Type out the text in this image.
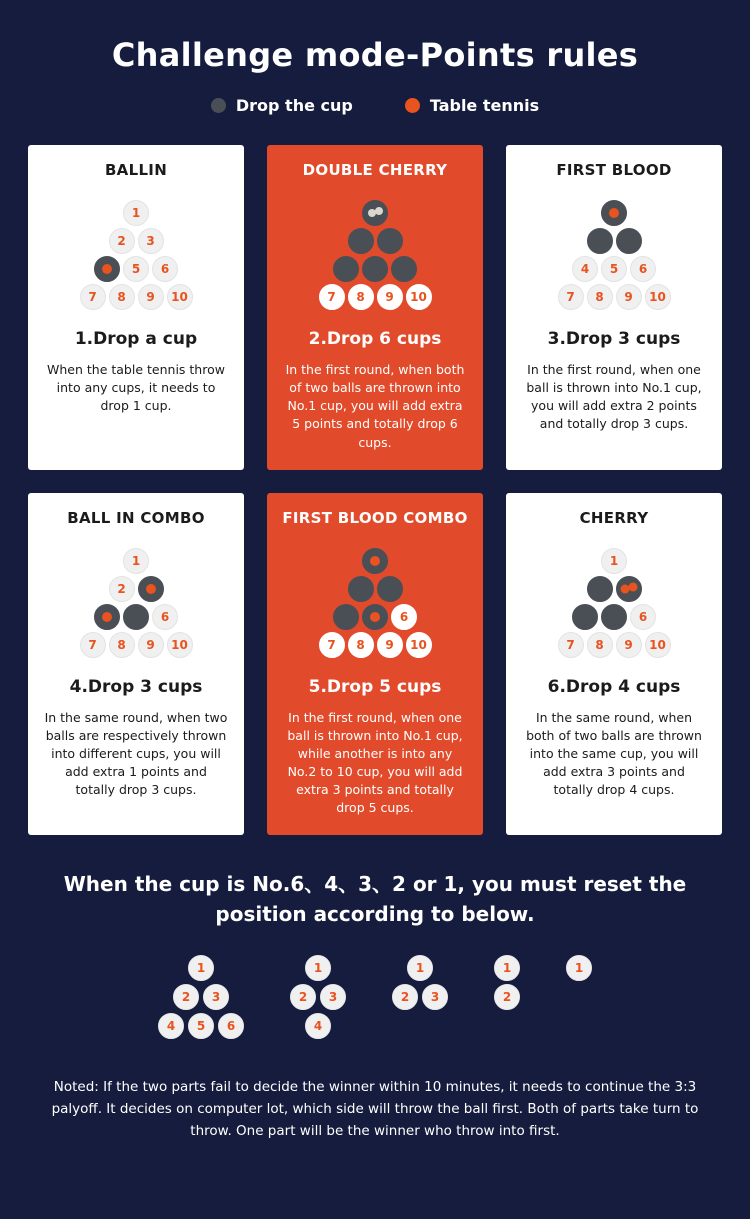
Challenge mode-Points rules
Drop the cup	Table tennis
BALLIN
1
2	3
5	6
7	8	9	10
1.Drop a cup
When the table tennis throw into any cups, it needs to drop 1 cup.
DOUBLE CHERRY
7	8	9	10
2.Drop 6 cups
In the first round, when both of two balls are thrown into No.1 cup, you will add extra 5 points and totally drop 6 cups.
FIRST BLOOD
4	5	6
7	8	9	10
3.Drop 3 cups
In the first round, when one ball is thrown into No.1 cup, you will add extra 2 points and totally drop 3 cups.
BALL IN COMBO
1
2
6
7	8	9	10
4.Drop 3 cups
In the same round, when two balls are respectively thrown into different cups, you will add extra 1 points and totally drop 3 cups.
FIRST BLOOD COMBO
6
7	8	9	10
5.Drop 5 cups
In the first round, when one ball is thrown into No.1 cup, while another is into any No.2 to 10 cup, you will add extra 3 points and totally drop 5 cups.
CHERRY
1
6
7	8	9	10
6.Drop 4 cups
In the same round, when both of two balls are thrown into the same cup, you will add extra 3 points and totally drop 4 cups.
When the cup is No.6、4、3、2 or 1, you must reset the position according to below.
1
2	3
4	5	6
1
2	3
4
1
2	3
1
2
1
Noted: If the two parts fail to decide the winner within 10 minutes, it needs to continue the 3:3 palyoff. It decides on computer lot, which side will throw the ball first. Both of parts take turn to throw. One part will be the winner who throw into first.
